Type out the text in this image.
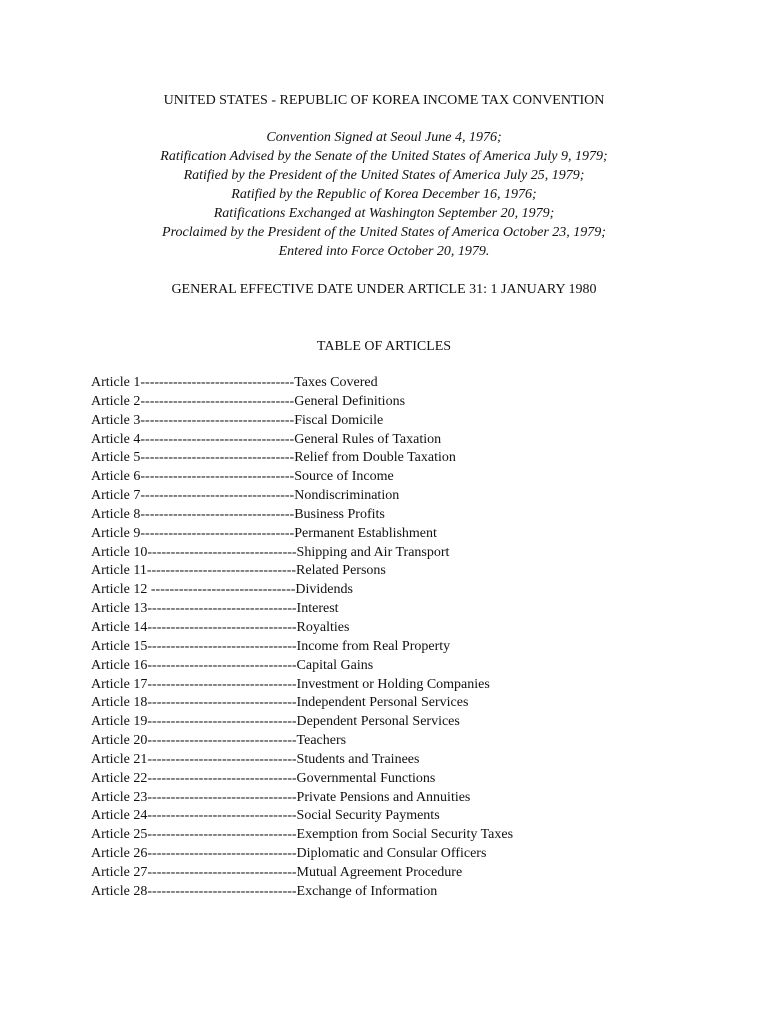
UNITED STATES - REPUBLIC OF KOREA INCOME TAX CONVENTION
Convention Signed at Seoul June 4, 1976;
Ratification Advised by the Senate of the United States of America July 9, 1979;
Ratified by the President of the United States of America July 25, 1979;
Ratified by the Republic of Korea December 16, 1976;
Ratifications Exchanged at Washington September 20, 1979;
Proclaimed by the President of the United States of America October 23, 1979;
Entered into Force October 20, 1979.
GENERAL EFFECTIVE DATE UNDER ARTICLE 31: 1 JANUARY 1980
TABLE OF ARTICLES
Article 1---------------------------------Taxes Covered
Article 2---------------------------------General Definitions
Article 3---------------------------------Fiscal Domicile
Article 4---------------------------------General Rules of Taxation
Article 5---------------------------------Relief from Double Taxation
Article 6---------------------------------Source of Income
Article 7---------------------------------Nondiscrimination
Article 8---------------------------------Business Profits
Article 9---------------------------------Permanent Establishment
Article 10--------------------------------Shipping and Air Transport
Article 11--------------------------------Related Persons
Article 12 -------------------------------Dividends
Article 13--------------------------------Interest
Article 14--------------------------------Royalties
Article 15--------------------------------Income from Real Property
Article 16--------------------------------Capital Gains
Article 17--------------------------------Investment or Holding Companies
Article 18--------------------------------Independent Personal Services
Article 19--------------------------------Dependent Personal Services
Article 20--------------------------------Teachers
Article 21--------------------------------Students and Trainees
Article 22--------------------------------Governmental Functions
Article 23--------------------------------Private Pensions and Annuities
Article 24--------------------------------Social Security Payments
Article 25--------------------------------Exemption from Social Security Taxes
Article 26--------------------------------Diplomatic and Consular Officers
Article 27--------------------------------Mutual Agreement Procedure
Article 28--------------------------------Exchange of Information
